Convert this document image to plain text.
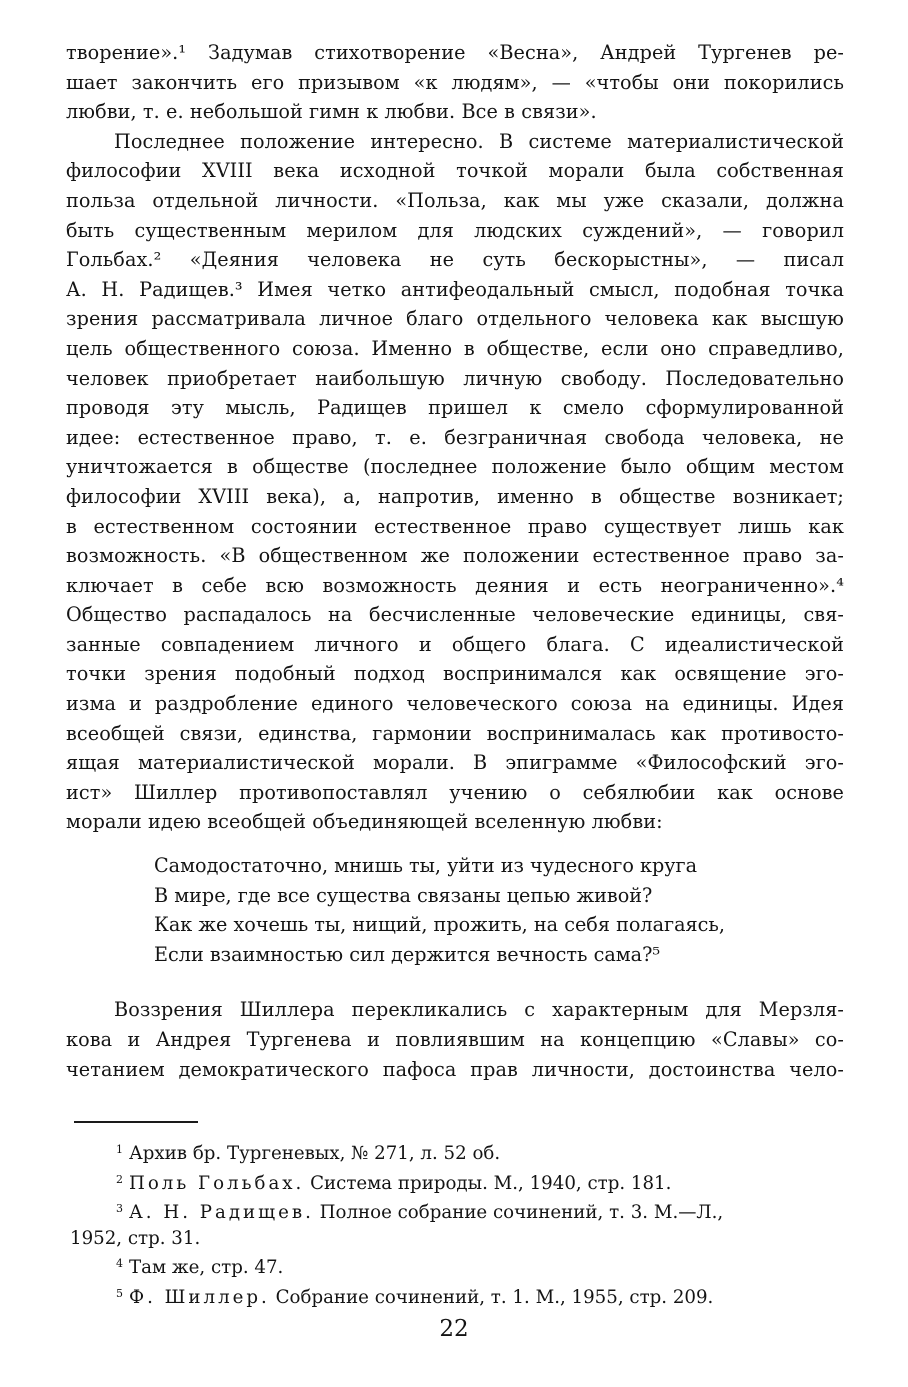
творение».¹ Задумав стихотворение «Весна», Андрей Тургенев ре-
шает закончить его призывом «к людям», — «чтобы они покорились
любви, т. е. небольшой гимн к любви. Все в связи».

Последнее положение интересно. В системе материалистической
философии XVIII века исходной точкой морали была собственная
польза отдельной личности. «Польза, как мы уже сказали, должна
быть существенным мерилом для людских суждений», — говорил
Гольбах.² «Деяния человека не суть бескорыстны», — писал
А. Н. Радищев.³ Имея четко антифеодальный смысл, подобная точка
зрения рассматривала личное благо отдельного человека как высшую
цель общественного союза. Именно в обществе, если оно справедливо,
человек приобретает наибольшую личную свободу. Последовательно
проводя эту мысль, Радищев пришел к смело сформулированной
идее: естественное право, т. е. безграничная свобода человека, не
уничтожается в обществе (последнее положение было общим местом
философии XVIII века), а, напротив, именно в обществе возникает;
в естественном состоянии естественное право существует лишь как
возможность. «В общественном же положении естественное право за-
ключает в себе всю возможность деяния и есть неограниченно».⁴
Общество распадалось на бесчисленные человеческие единицы, свя-
занные совпадением личного и общего блага. С идеалистической
точки зрения подобный подход воспринимался как освящение эго-
изма и раздробление единого человеческого союза на единицы. Идея
всеобщей связи, единства, гармонии воспринималась как противосто-
ящая материалистической морали. В эпиграмме «Философский эго-
ист» Шиллер противопоставлял учению о себялюбии как основе
морали идею всеобщей объединяющей вселенную любви:

Самодостаточно, мнишь ты, уйти из чудесного круга
В мире, где все существа связаны цепью живой?
Как же хочешь ты, нищий, прожить, на себя полагаясь,
Если взаимностью сил держится вечность сама?⁵

Воззрения Шиллера перекликались с характерным для Мерзля-
кова и Андрея Тургенева и повлиявшим на концепцию «Славы» со-
четанием демократического пафоса прав личности, достоинства чело-

$^1$ Архив бр. Тургеневых, № 271, л. 52 об.
$^2$ Поль Гольбах. Система природы. М., 1940, стр. 181.
$^3$ А. Н. Радищев. Полное собрание сочинений, т. 3. М.—Л.,
1952, стр. 31.
$^4$ Там же, стр. 47.
$^5$ Ф. Шиллер. Собрание сочинений, т. 1. М., 1955, стр. 209.
22
